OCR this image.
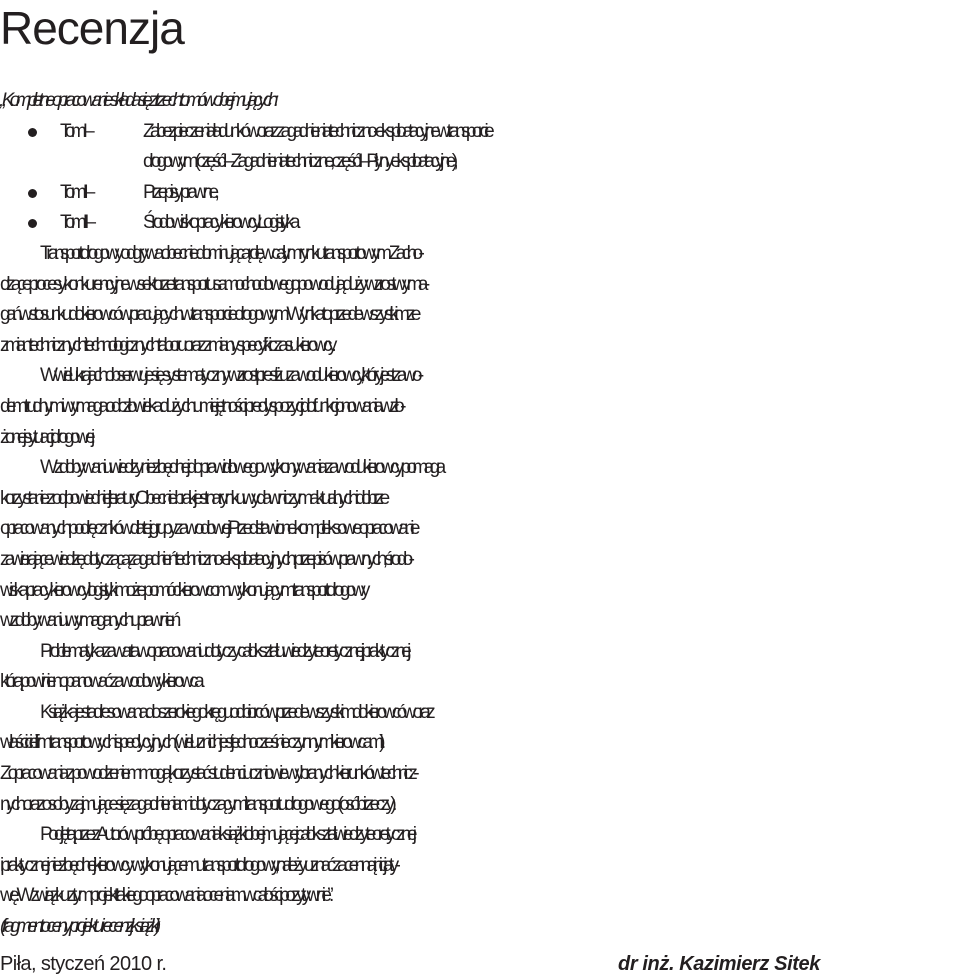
Recenzja
„Kompletne opracowanie składa się z trzech tomów obejmujących:
Tom I –	Zabezpieczenia ładunków oraz zagadnienia techniczno-eksploatacyjne w transporcie
drogowym (część I – Zagadnienia techniczne, część II – Płyny eksploatacyjne),
Tom II –	Przepisy prawne,
Tom III –	Środowisko pracy kierowcy. Logistyka.

Transport drogowy odgrywa obecnie dominującą rolę w całym rynku transportowym. Zacho-
dzące procesy konkurencyjne w sektorze transportu samochodowego powodują duży wzrost wyma-
gań w stosunku do kierowców pracujących w transporcie drogowym. Wynika to przede wszystkim ze
zmian technicznych i technologicznych taboru oraz zmiany specyfiki czasu kierowcy.

W wielu krajach obserwuje się systematyczny wzrost prestiżu zawodu kierowcy, który jest zawo-
dem trudnym i wymaga od człowieka dużych umiejętności i predyspozycji do funkcjonowania w zło-
żonej sytuacji drogowej.

W zdobywaniu wiedzy niezbędnej do prawidłowego wykonywania zawodu kierowcy pomaga
korzystanie z odpowiedniej literatury. Obecnie brak jest na rynku wydawniczym aktualnych i dobrze
opracowanych podręczników dla tej grupy zawodowej. Przedstawione kompleksowe opracowanie
zawierające wiedzę dotyczącą zagadnień techniczno-eksploatacyjnych, przepisów prawnych, środo-
wiska pracy kierowcy i logistyki może pomóc kierowcom wykonującym transport drogowy
w zdobywaniu wymaganych uprawnień.

Problematyka zawarta w opracowaniu dotyczy całokształtu wiedzy teoretycznej i praktycznej,
którą powinien opanować zawodowy kierowca.

Książka jest adresowana do szerokiego kręgu odbiorców, przede wszystkim do kierowców oraz
właścicieli firm transportowych i spedycyjnych (wielu z nich jest jednocześnie czynnymi kierowcami).
Z opracowania z powodzeniem mogą korzystać studenci i uczniowie wybranych kierunków technicz-
nych oraz osoby zajmujące się zagadnieniami dotyczącymi transportu drogowego (osób i rzeczy).

Podjętą przez Autorów próbę opracowania książki obejmującej całokształt wiedzy teoretycznej
i praktycznej niezbędnej kierowcy wykonującemu transport drogowy, należy uznać za cenną inicjaty-
wę. W związku z tym projekt takiego opracowania oceniam w całości pozytywnie”.

(fragment oceny projektu i recenzji książki)
Piła, styczeń 2010 r.	dr inż. Kazimierz Sitek
